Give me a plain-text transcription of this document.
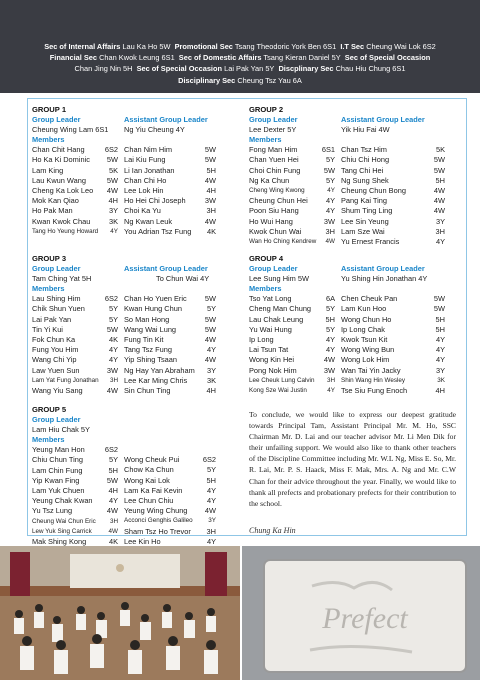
Sec of Internal Affairs Lau Ka Ho 5W Promotional Sec Tsang Theodoric York Ben 6S1 I.T Sec Cheung Wai Lok 6S2
Financial Sec Chan Kwok Leung 6S1 Sec of Domestic Affairs Tsang Kieran Daniel 5Y Sec of Special Occasion
Chan Jing Nin 5H Sec of Special Occasion Lai Pak Yan 5Y Discplinary Sec Chau Hiu Chung 6S1
Disciplinary Sec Cheung Tsz Yau 6A
GROUP 1
Group Leader
Cheung Wing Lam 6S1
Assistant Group Leader
Ng Yiu Cheung 4Y
Members
Chan Chit Hang	6S2
Ho Ka Ki Dominic 5W
Lam King	5K
Lau Kwun Wang	5W
Cheng Ka Lok Leo 4W
Mok Kan Qiao	4H
Ho Pak Man	3Y
Kwan Kwok Chau	3K
Tang Ho Yeung Howard 4Y
Chan Nim Him	5W
Lai Kiu Fung	5W
Li Ian Jonathan	5H
Chan Chi Ho	4W
Lee Lok Hin	4H
Ho Hei Chi Joseph	3W
Choi Ka Yu	3H
Ng Kwan Leuk	4W
You Adrian Tsz Fung 4K
GROUP 2
Group Leader
Lee Dexter 5Y
Assistant Group Leader
Yik Hiu Fai 4W
Members
Fong Man Him	6S1
Chan Yuen Hei	5Y
Choi Chin Fung	5W
Ng Ka Chun	5Y
Cheng Wing Kwong	4Y
Cheung Chun Hei 4Y
Poon Siu Hang	4Y
Ho Wui Hang	3W
Kwok Chun Wai	3H
Wan Ho Ching Kendrew 4W
Chan Tsz Him	5K
Chiu Chi Hong	5W
Tang Chi Hei	5W
Ng Sung Shek	5H
Cheung Chun Bong	4W
Pang Kai Ting	4W
Shum Ting Ling	4W
Lee Sin Yeung	3Y
Lam Sze Wai	3H
Yu Ernest Francis	4Y
GROUP 3
Group Leader
Tam Ching Yat 5H
Assistant Group Leader
To Chun Wai 4Y
Members
Lau Shing Him	6S2
Chik Shun Yuen	5Y
Lai Pak Yan	5Y
Tin Yi Kui	5W
Fok Chun Ka	4K
Fung You Him	4Y
Wang Chi Yip	4Y
Law Yuen Sun	3W
Lam Yat Fung Jonathan 3H
Wang Yiu Sang	4W
Chan Ho Yuen Eric 5W
Kwan Hung Chun	5Y
So Man Hong	5W
Wang Wai Lung	5W
Fung Tin Kit	4W
Tang Tsz Fung	4Y
Yip Shing Tsaan	4W
Ng Hay Yan Abraham 3Y
Lee Kar Ming Chris	3K
Sin Chun Ting	4H
GROUP 4
Group Leader
Lee Sung Him 5W
Assistant Group Leader
Yu Shing Hin Jonathan 4Y
Members
Tso Yat Long	6A
Cheng Man Chung 5Y
Lau Chak Leung	5H
Yu Wai Hung	5Y
Ip Long	4Y
Lai Tsun Tat	4Y
Wong Kin Hei	4W
Pong Nok Him	3W
Lee Cheuk Lung Calvin 3H
Kong Sze Wai Justin	4Y
Chen Cheuk Pan	5W
Lam Kun Hoo	5W
Wong Chun Ho	5H
Ip Long Chak	5H
Kwok Tsun Kit	4Y
Wong Wing Bun	4Y
Wong Lok Him	4Y
Wan Tai Yin Jacky	3Y
Shin Wang Hin Wesley	3K
Tse Siu Fung Enoch	4H
GROUP 5
Group Leader
Lam Hiu Chak 5Y
Members
Yeung Man Hon	6S2
Chiu Chun Ting	5Y
Lam Chin Fung	5H
Yip Kwan Fing	5W
Lam Yuk Chuen	4H
Yeung Chak Kwan 4Y
Yu Tsz Lung	4W
Cheung Wai Chun Eric 3H
Lew Yuk Sing Carrick	4W
Mak Shing Kong	4K
Wong Cheuk Pui	6S2
Chow Ka Chun	5Y
Wong Kai Lok	5H
Lam Ka Fai Kevin	4Y
Lee Chun Chiu	4Y
Yeung Wing Chung 4W
Acconci Genghis Galileo 3Y
Sham Tsz Ho Trevor 3H
Lee Kin Ho	4Y
To conclude, we would like to express our deepest gratitude towards Principal Tam, Assistant Principal Mr. M. Ho, SSC Chairman Mr. D. Lai and our teacher advisor Mr. Li Men Dik for their unfailing support. We would also like to thank other teachers of the Discipline Committee including Mr. W.L Ng, Miss E. So, Mr. R. Lai, Mr. P. S. Haack, Miss F. Mak, Mrs. A. Ng and Mr. C.W Chan for their advice throughout the year. Finally, we would like to thank all prefects and probationary prefects for their contribution to the school.
Chung Ka Hin
Prefect
